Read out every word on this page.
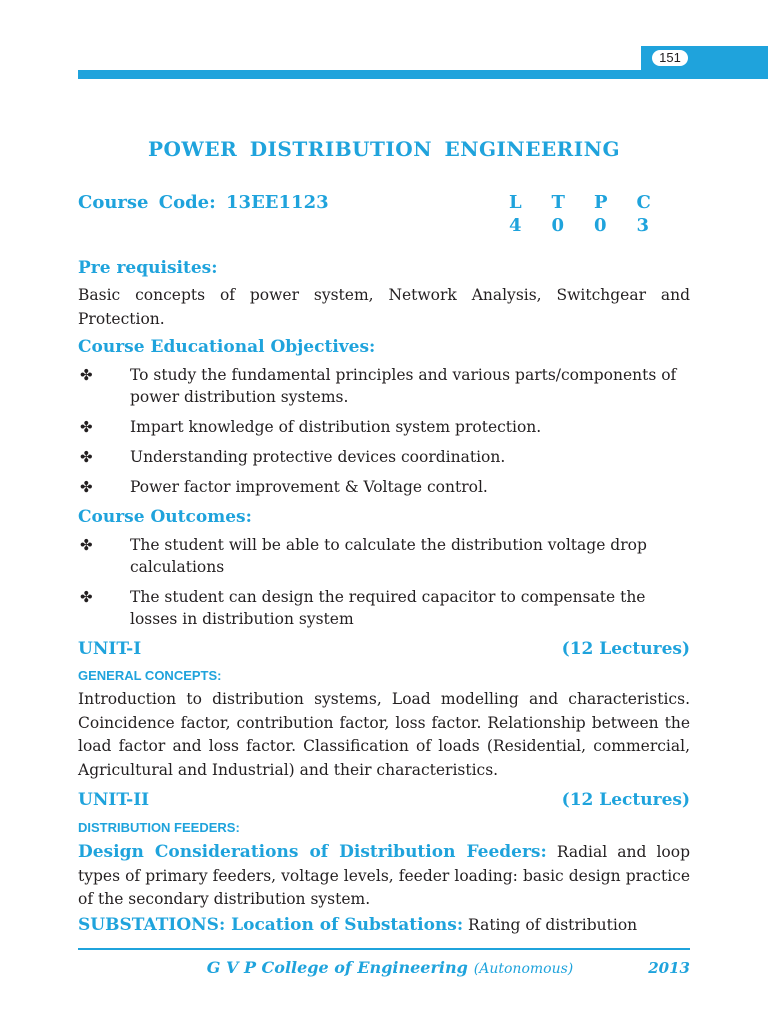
151
POWER DISTRIBUTION ENGINEERING
Course Code: 13EE1123	L	T	P	C
4	0	0	3
Pre requisites:
Basic concepts of power system, Network Analysis, Switchgear and Protection.
Course Educational Objectives:
✤ To study the fundamental principles and various parts/components of power distribution systems.
✤ Impart knowledge of distribution system protection.
✤ Understanding protective devices coordination.
✤ Power factor improvement & Voltage control.
Course Outcomes:
✤ The student will be able to calculate the distribution voltage drop calculations
✤ The student can design the required capacitor to compensate the losses in distribution system
UNIT-I	(12 Lectures)
GENERAL CONCEPTS:
Introduction to distribution systems, Load modelling and characteristics. Coincidence factor, contribution factor, loss factor. Relationship between the load factor and loss factor. Classification of loads (Residential, commercial, Agricultural and Industrial) and their characteristics.
UNIT-II	(12 Lectures)
DISTRIBUTION FEEDERS:
Design Considerations of Distribution Feeders: Radial and loop types of primary feeders, voltage levels, feeder loading: basic design practice of the secondary distribution system.
SUBSTATIONS: Location of Substations: Rating of distribution
G V P College of Engineering (Autonomous)	2013
